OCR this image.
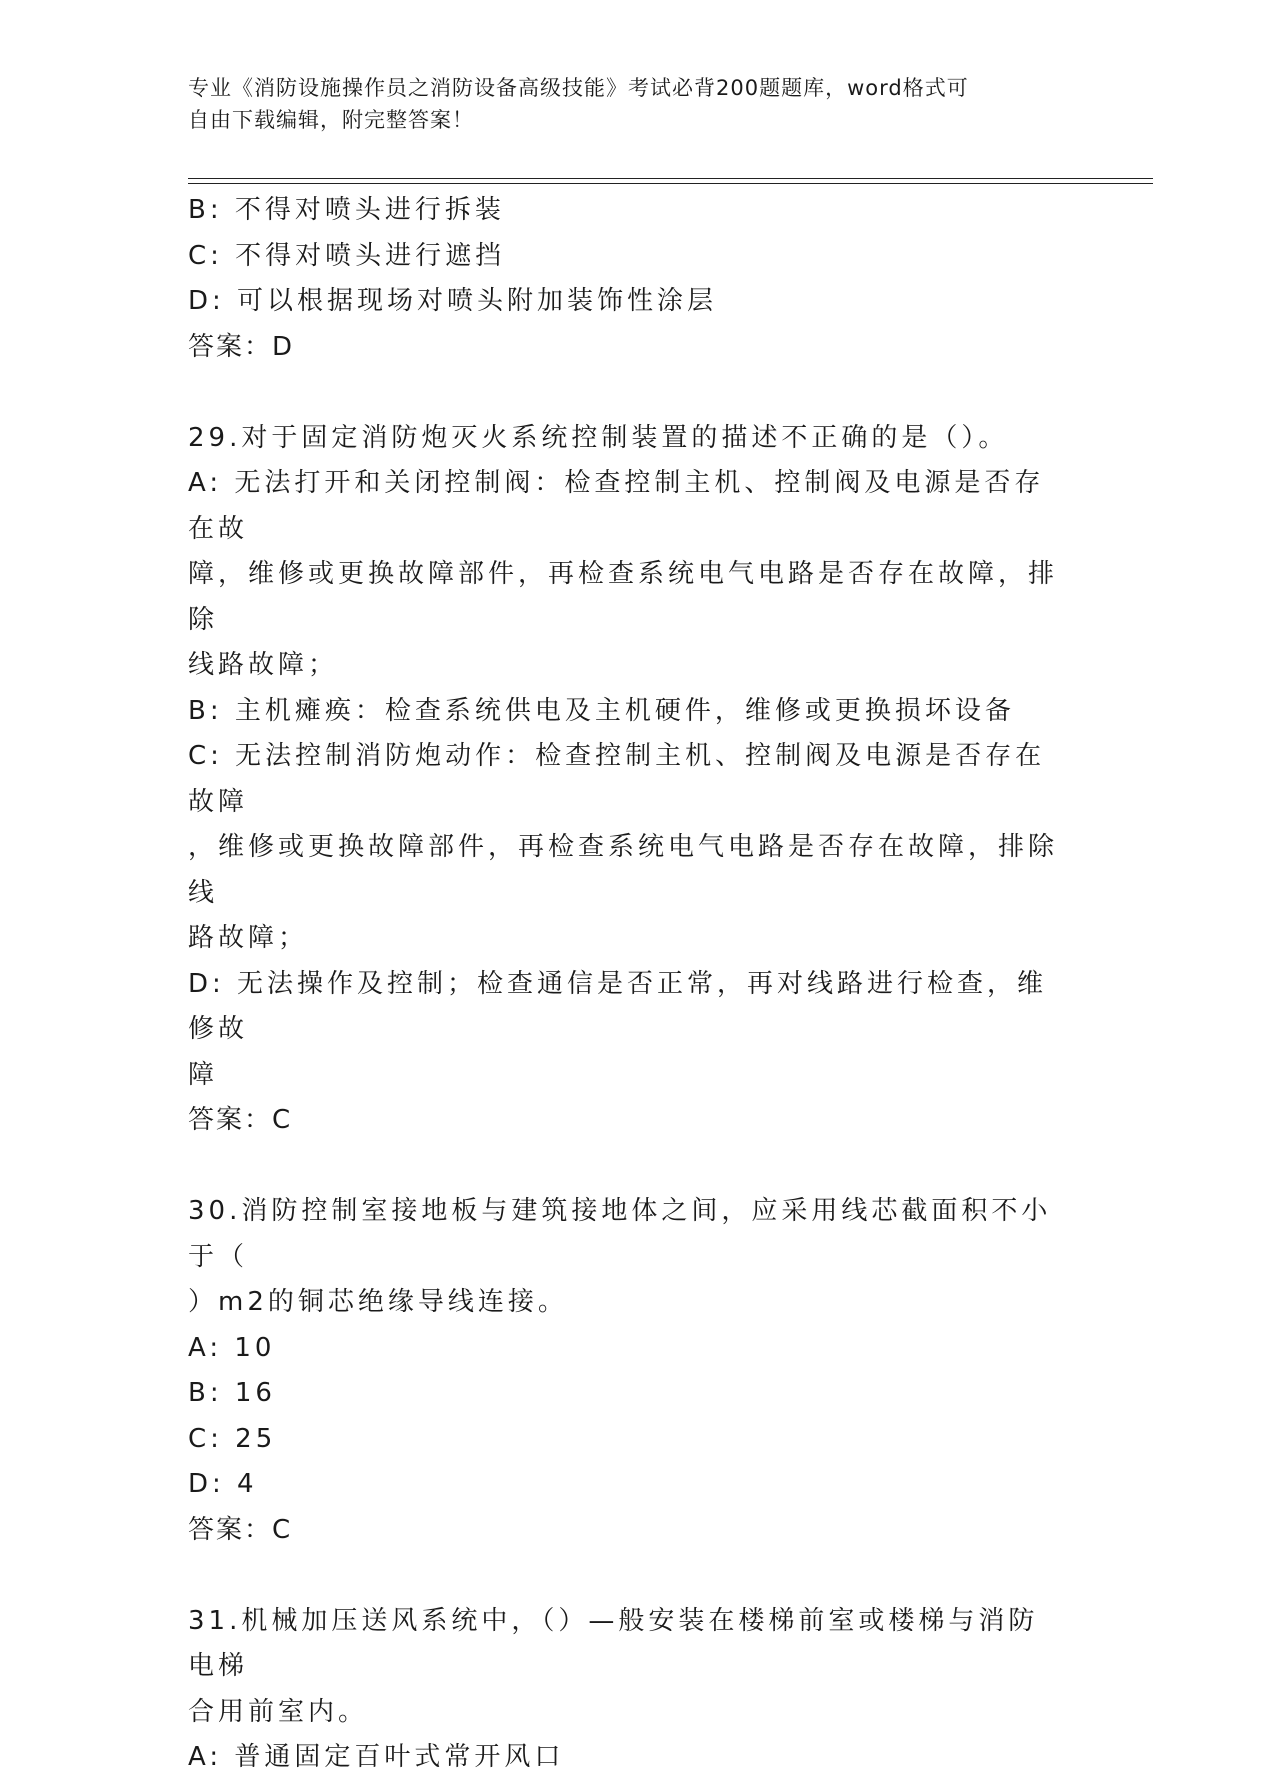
专业《消防设施操作员之消防设备高级技能》考试必背200题题库，word格式可
自由下载编辑，附完整答案！
B: 不得对喷头进行拆装
C: 不得对喷头进行遮挡
D: 可以根据现场对喷头附加装饰性涂层
答案：D
29.对于固定消防炮灭火系统控制装置的描述不正确的是（）。
A: 无法打开和关闭控制阀：检查控制主机、控制阀及电源是否存在故
障，维修或更换故障部件，再检查系统电气电路是否存在故障，排除
线路故障；
B: 主机瘫痪：检查系统供电及主机硬件，维修或更换损坏设备
C: 无法控制消防炮动作：检查控制主机、控制阀及电源是否存在故障
，维修或更换故障部件，再检查系统电气电路是否存在故障，排除线
路故障；
D: 无法操作及控制；检查通信是否正常，再对线路进行检查，维修故
障
答案：C
30.消防控制室接地板与建筑接地体之间，应采用线芯截面积不小于（
）m2的铜芯绝缘导线连接。
A: 10
B: 16
C: 25
D: 4
答案：C
31.机械加压送风系统中，（）—般安装在楼梯前室或楼梯与消防电梯
合用前室内。
A: 普通固定百叶式常开风口
